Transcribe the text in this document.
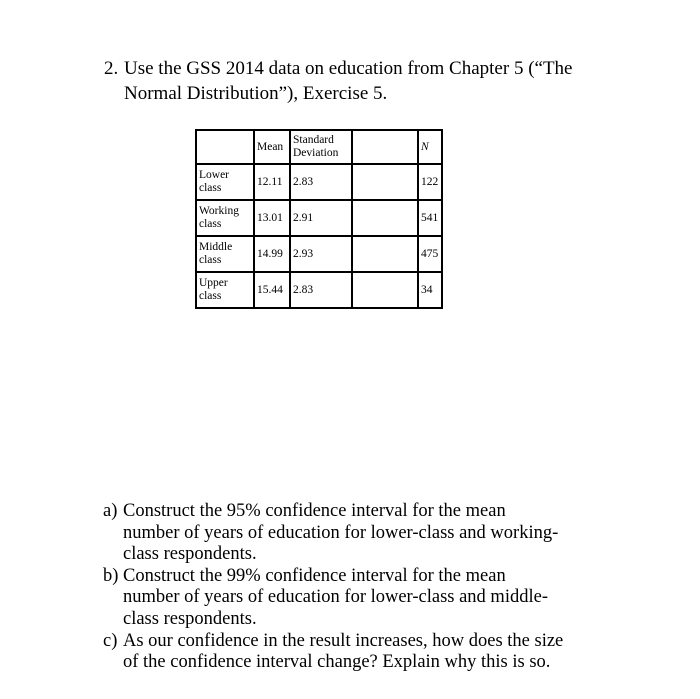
2. Use the GSS 2014 data on education from Chapter 5 (“The
Normal Distribution”), Exercise 5.
	Mean	Standard
Deviation		N

Lower
class	12.11	2.83		122

Working
class	13.01	2.91		541

Middle
class	14.99	2.93		475

Upper
class	15.44	2.83		34
a) Construct the 95% confidence interval for the mean
number of years of education for lower-class and working-
class respondents.
b) Construct the 99% confidence interval for the mean
number of years of education for lower-class and middle-
class respondents.
c) As our confidence in the result increases, how does the size
of the confidence interval change? Explain why this is so.
